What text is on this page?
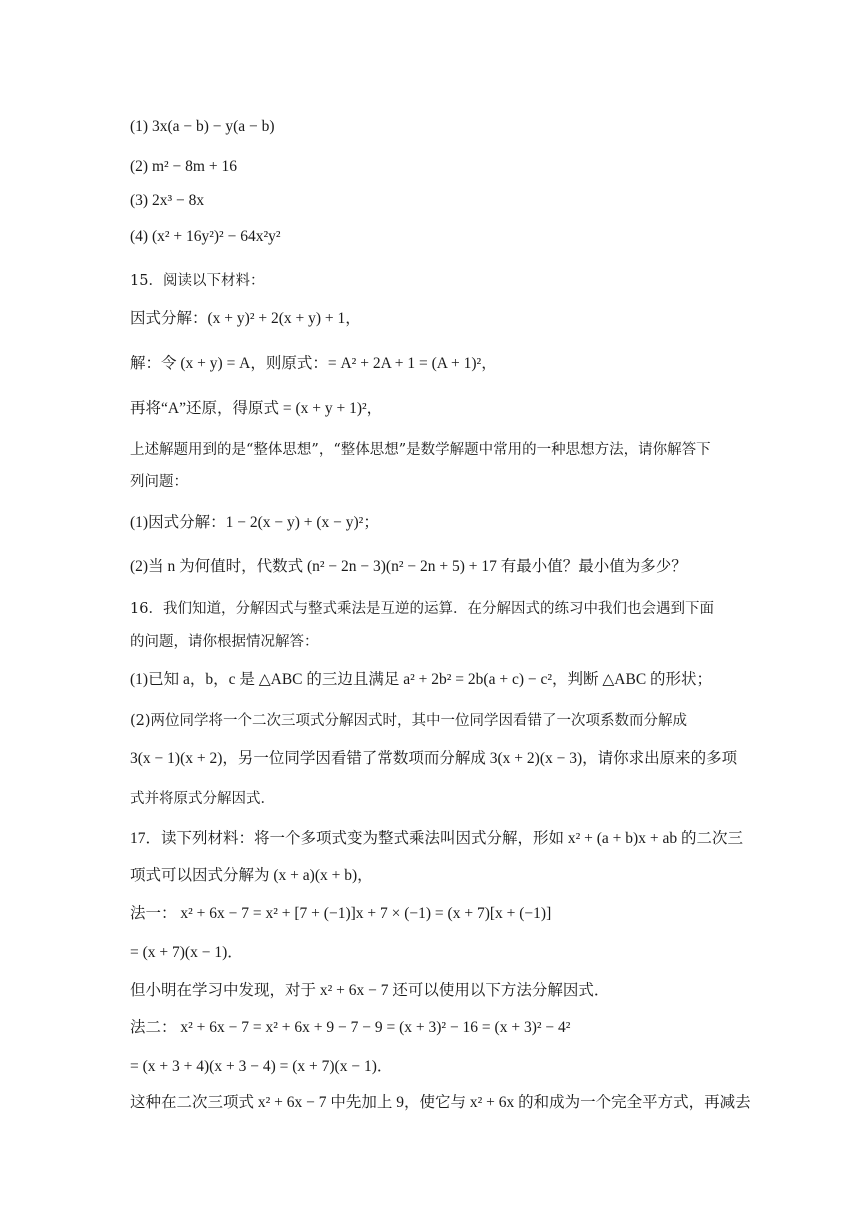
(1) 3x(a − b) − y(a − b)
(2) m² − 8m + 16
(3) 2x³ − 8x
(4) (x² + 16y²)² − 64x²y²
15．阅读以下材料：
因式分解：(x + y)² + 2(x + y) + 1，
解：令 (x + y) = A，则原式：= A² + 2A + 1 = (A + 1)²，
再将“A”还原，得原式 = (x + y + 1)²，
上述解题用到的是“整体思想”，“整体思想”是数学解题中常用的一种思想方法，请你解答下
列问题：
(1)因式分解：1 − 2(x − y) + (x − y)²；
(2)当 n 为何值时，代数式 (n² − 2n − 3)(n² − 2n + 5) + 17 有最小值？最小值为多少？
16．我们知道，分解因式与整式乘法是互逆的运算．在分解因式的练习中我们也会遇到下面
的问题，请你根据情况解答：
(1)已知 a，b，c 是 △ABC 的三边且满足 a² + 2b² = 2b(a + c) − c²，判断 △ABC 的形状；
(2)两位同学将一个二次三项式分解因式时，其中一位同学因看错了一次项系数而分解成
3(x − 1)(x + 2)，另一位同学因看错了常数项而分解成 3(x + 2)(x − 3)，请你求出原来的多项
式并将原式分解因式．
17．读下列材料：将一个多项式变为整式乘法叫因式分解，形如 x² + (a + b)x + ab 的二次三
项式可以因式分解为 (x + a)(x + b)，
法一： x² + 6x − 7 = x² + [7 + (−1)]x + 7 × (−1) = (x + 7)[x + (−1)]
= (x + 7)(x − 1)．
但小明在学习中发现，对于 x² + 6x − 7 还可以使用以下方法分解因式．
法二： x² + 6x − 7 = x² + 6x + 9 − 7 − 9 = (x + 3)² − 16 = (x + 3)² − 4²
= (x + 3 + 4)(x + 3 − 4) = (x + 7)(x − 1)．
这种在二次三项式 x² + 6x − 7 中先加上 9，使它与 x² + 6x 的和成为一个完全平方式，再减去
